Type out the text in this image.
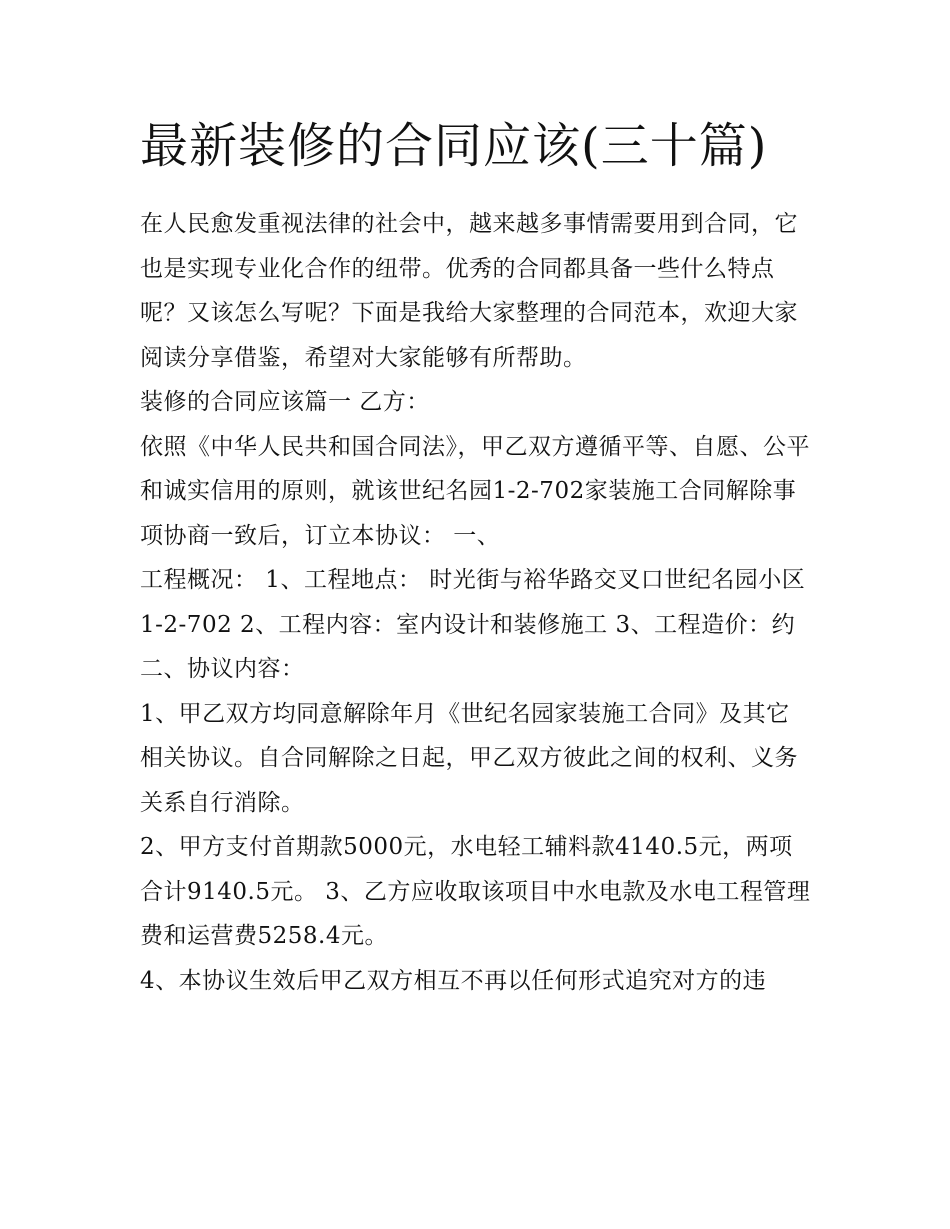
最新装修的合同应该(三十篇)

在人民愈发重视法律的社会中，越来越多事情需要用到合同，它也是实现专业化合作的纽带。优秀的合同都具备一些什么特点呢？又该怎么写呢？下面是我给大家整理的合同范本，欢迎大家阅读分享借鉴，希望对大家能够有所帮助。

装修的合同应该篇一 乙方：

依照《中华人民共和国合同法》，甲乙双方遵循平等、自愿、公平和诚实信用的原则，就该世纪名园1-2-702家装施工合同解除事项协商一致后，订立本协议： 一、

工程概况： 1、工程地点： 时光街与裕华路交叉口世纪名园小区1-2-702 2、工程内容：室内设计和装修施工 3、工程造价：约二、协议内容：

1、甲乙双方均同意解除年月《世纪名园家装施工合同》及其它相关协议。自合同解除之日起，甲乙双方彼此之间的权利、义务关系自行消除。

2、甲方支付首期款5000元，水电轻工辅料款4140.5元，两项合计9140.5元。 3、乙方应收取该项目中水电款及水电工程管理费和运营费5258.4元。

4、本协议生效后甲乙双方相互不再以任何形式追究对方的违
